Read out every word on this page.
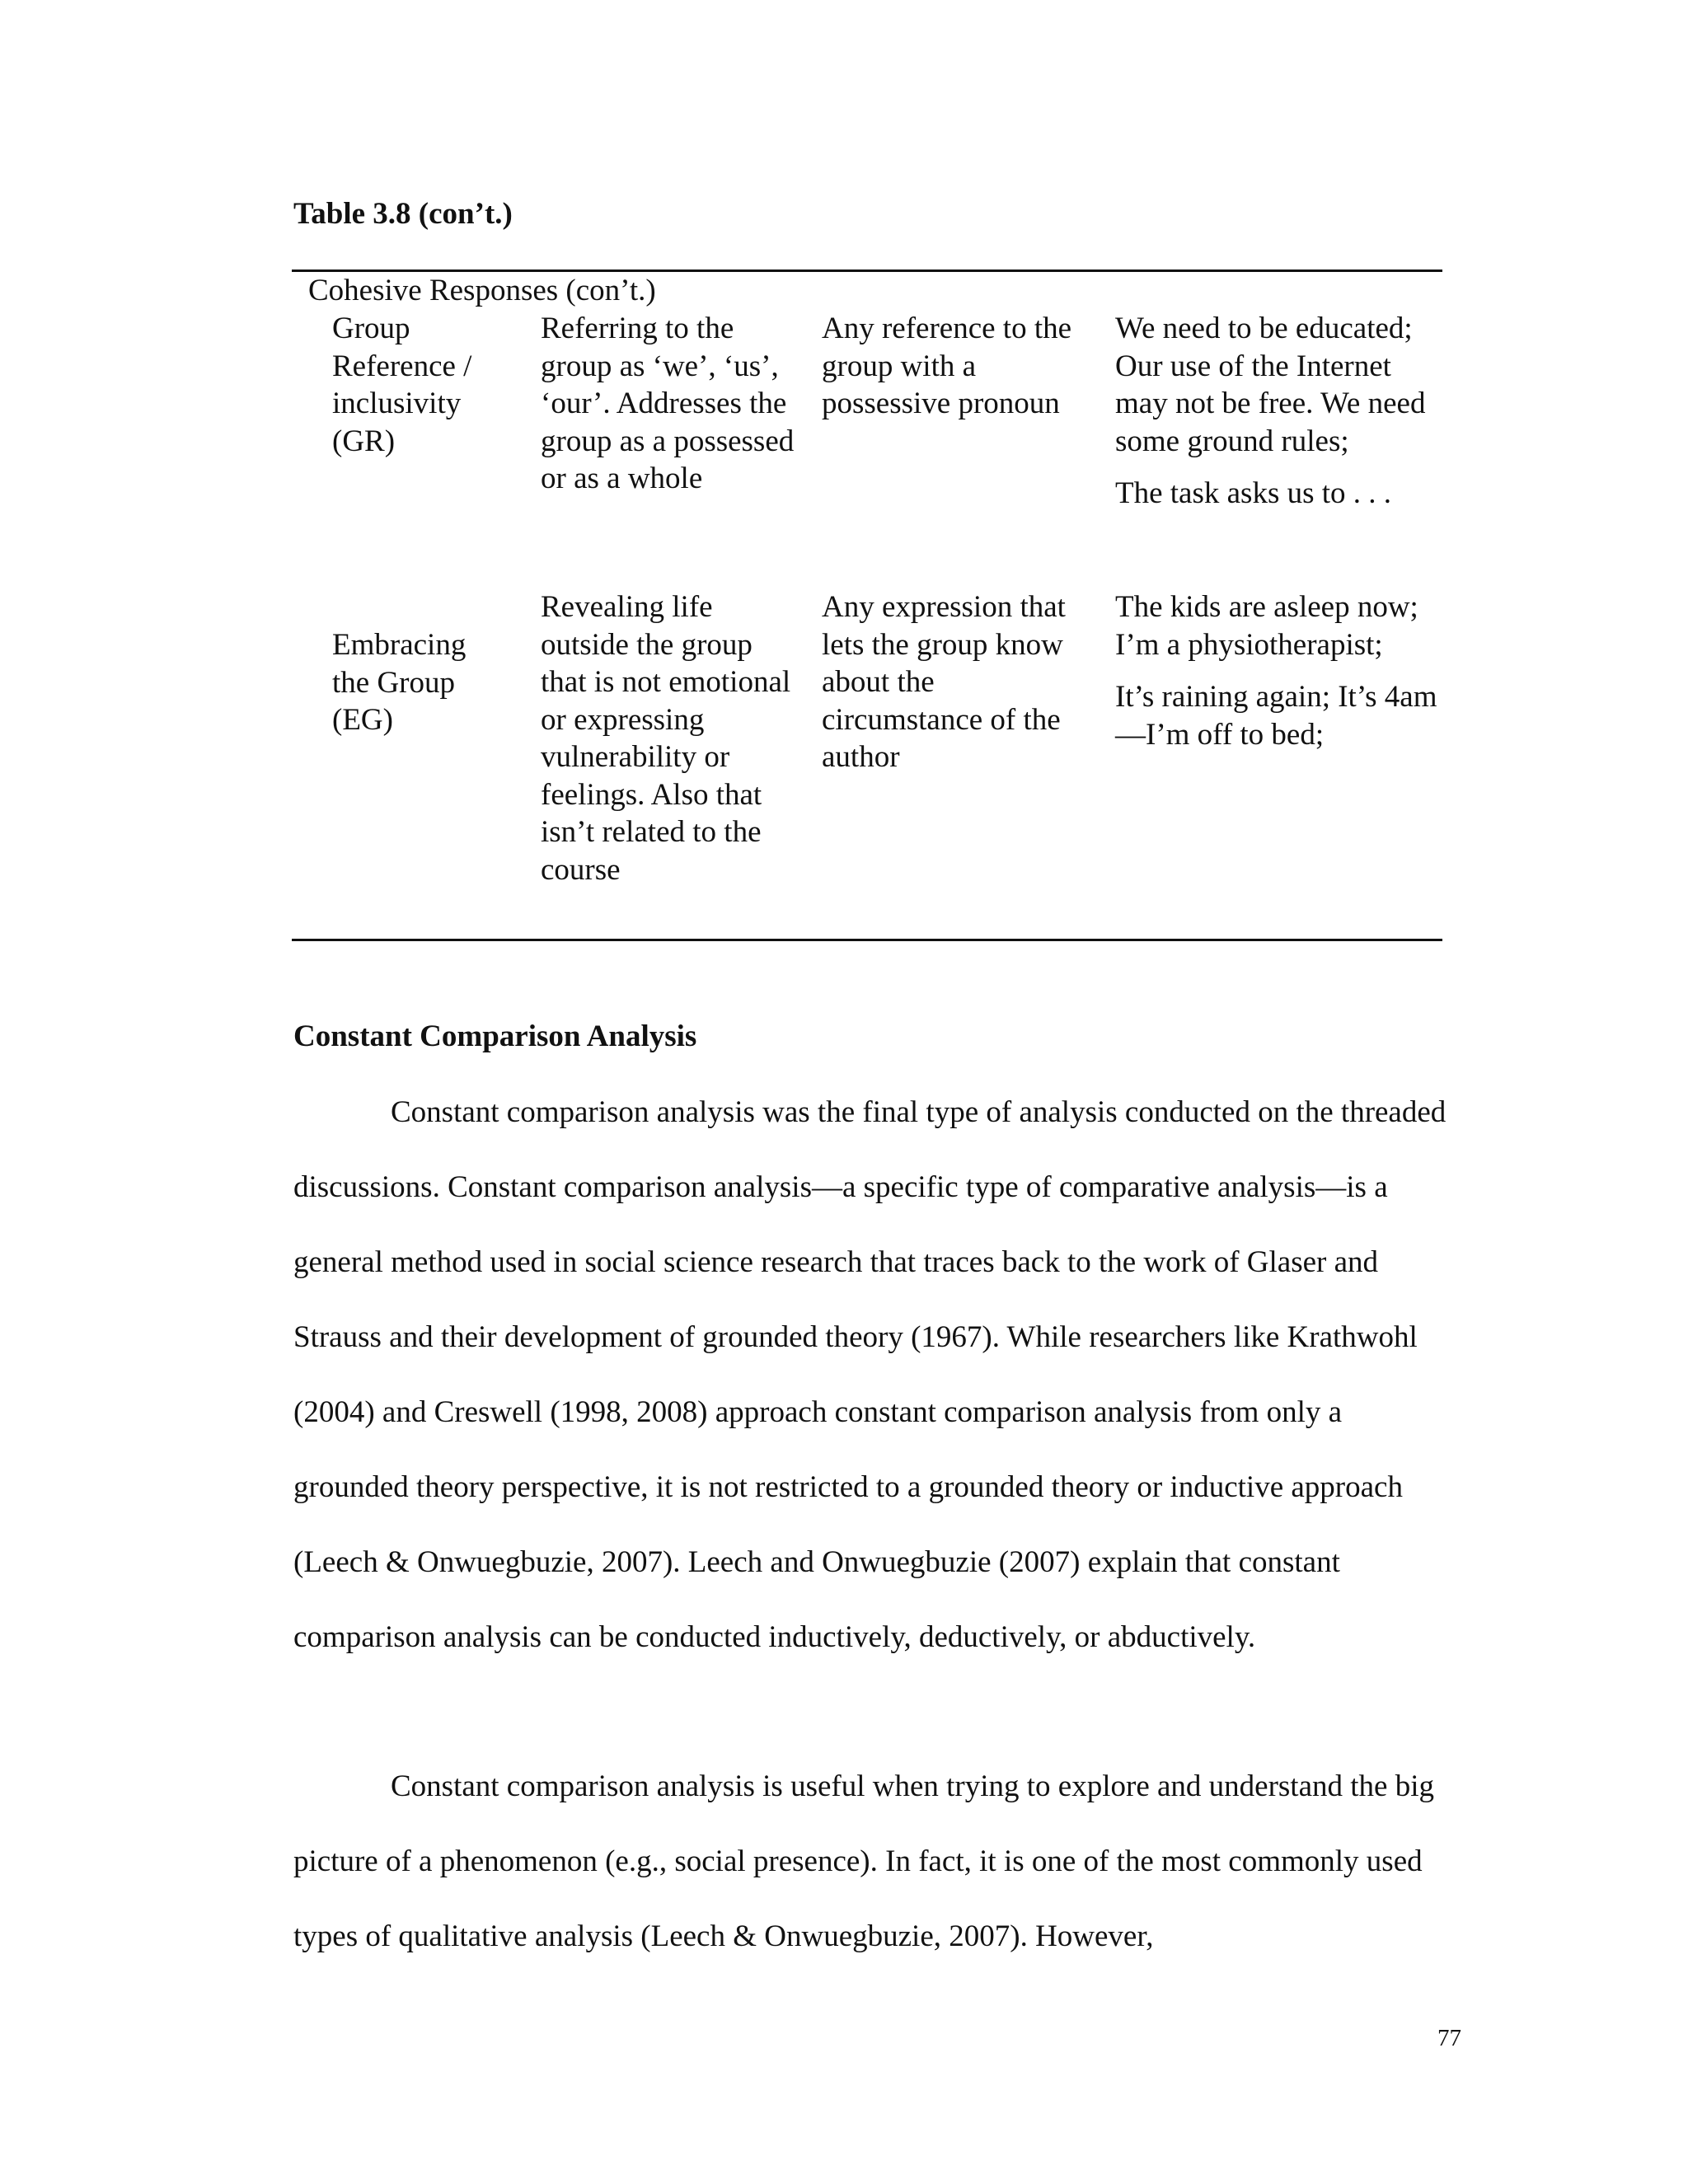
Table 3.8 (con’t.)
Cohesive Responses (con’t.)

Group Reference / inclusivity (GR)

Referring to the group as ‘we’, ‘us’, ‘our’. Addresses the group as a possessed or as a whole

Any reference to the group with a possessive pronoun

We need to be educated; Our use of the Internet may not be free. We need some ground rules;

The task asks us to . . .

Embracing the Group (EG)

Revealing life outside the group that is not emotional or expressing vulnerability or feelings. Also that isn’t related to the course

Any expression that lets the group know about the circumstance of the author

The kids are asleep now; I’m a physiotherapist;

It’s raining again; It’s 4am—I’m off to bed;

Constant Comparison Analysis

Constant comparison analysis was the final type of analysis conducted on the threaded discussions. Constant comparison analysis—a specific type of comparative analysis—is a general method used in social science research that traces back to the work of Glaser and Strauss and their development of grounded theory (1967). While researchers like Krathwohl (2004) and Creswell (1998, 2008) approach constant comparison analysis from only a grounded theory perspective, it is not restricted to a grounded theory or inductive approach (Leech & Onwuegbuzie, 2007). Leech and Onwuegbuzie (2007) explain that constant comparison analysis can be conducted inductively, deductively, or abductively.

Constant comparison analysis is useful when trying to explore and understand the big picture of a phenomenon (e.g., social presence). In fact, it is one of the most commonly used types of qualitative analysis (Leech & Onwuegbuzie, 2007). However,

77
